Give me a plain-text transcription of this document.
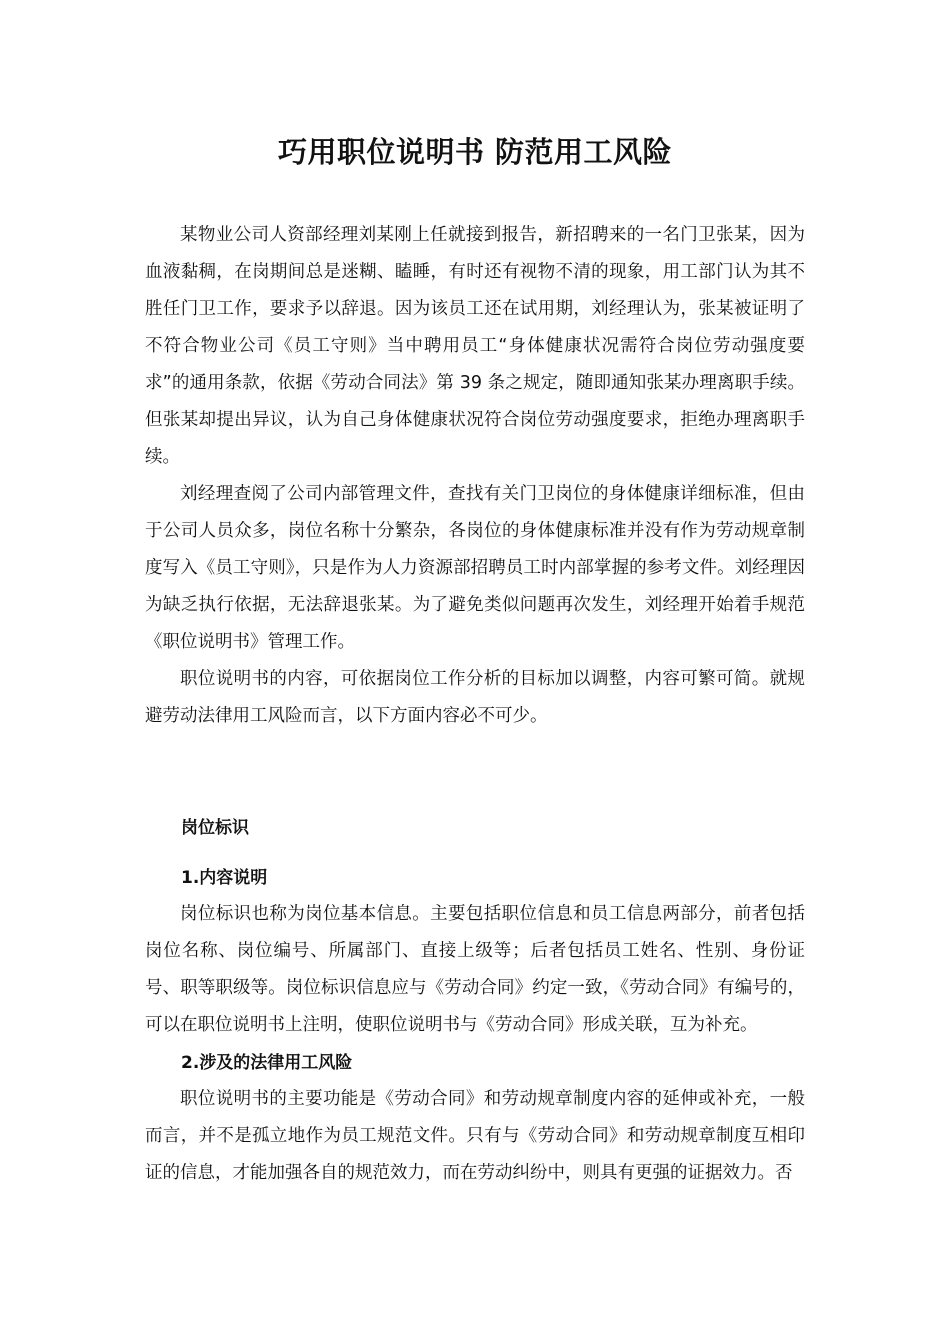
巧用职位说明书 防范用工风险

某物业公司人资部经理刘某刚上任就接到报告，新招聘来的一名门卫张某，因为血液黏稠，在岗期间总是迷糊、瞌睡，有时还有视物不清的现象，用工部门认为其不胜任门卫工作，要求予以辞退。因为该员工还在试用期，刘经理认为，张某被证明了不符合物业公司《员工守则》当中聘用员工“身体健康状况需符合岗位劳动强度要求”的通用条款，依据《劳动合同法》第 39 条之规定，随即通知张某办理离职手续。但张某却提出异议，认为自己身体健康状况符合岗位劳动强度要求，拒绝办理离职手续。

刘经理查阅了公司内部管理文件，查找有关门卫岗位的身体健康详细标准，但由于公司人员众多，岗位名称十分繁杂，各岗位的身体健康标准并没有作为劳动规章制度写入《员工守则》，只是作为人力资源部招聘员工时内部掌握的参考文件。刘经理因为缺乏执行依据，无法辞退张某。为了避免类似问题再次发生，刘经理开始着手规范《职位说明书》管理工作。

职位说明书的内容，可依据岗位工作分析的目标加以调整，内容可繁可简。就规避劳动法律用工风险而言，以下方面内容必不可少。

岗位标识
1.内容说明

岗位标识也称为岗位基本信息。主要包括职位信息和员工信息两部分，前者包括岗位名称、岗位编号、所属部门、直接上级等；后者包括员工姓名、性别、身份证号、职等职级等。岗位标识信息应与《劳动合同》约定一致，《劳动合同》有编号的，可以在职位说明书上注明，使职位说明书与《劳动合同》形成关联，互为补充。

2.涉及的法律用工风险

职位说明书的主要功能是《劳动合同》和劳动规章制度内容的延伸或补充，一般而言，并不是孤立地作为员工规范文件。只有与《劳动合同》和劳动规章制度互相印证的信息，才能加强各自的规范效力，而在劳动纠纷中，则具有更强的证据效力。否
